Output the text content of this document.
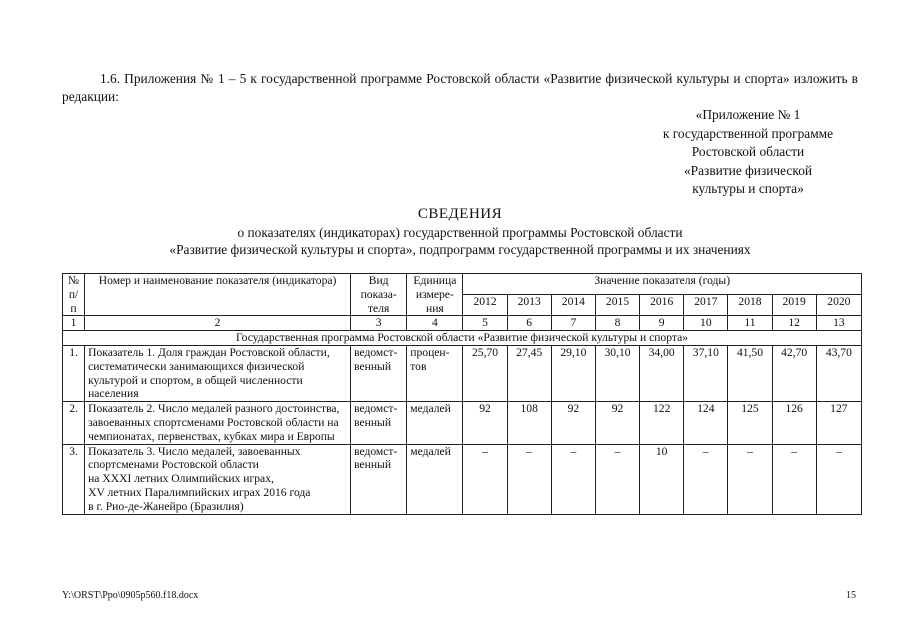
1.6. Приложения № 1 – 5 к государственной программе Ростовской области «Развитие физической культуры и спорта» изложить в редакции:
«Приложение № 1
к государственной программе
Ростовской области
«Развитие физической
культуры и спорта»
СВЕДЕНИЯ
о показателях (индикаторах) государственной программы Ростовской области
«Развитие физической культуры и спорта», подпрограмм государственной программы и их значениях
№ п/п	Номер и наименование показателя (индикатора)	Вид показа-теля	Единица измере-ния	Значение показателя (годы)								
				2012	2013	2014	2015	2016	2017	2018	2019	2020
1	2	3	4	5	6	7	8	9	10	11	12	13
Государственная программа Ростовской области «Развитие физической культуры и спорта»												
1.	Показатель 1. Доля граждан Ростовской области, систематически занимающихся физической культурой и спортом, в общей численности населения	ведомст-венный	процен-тов	25,70	27,45	29,10	30,10	34,00	37,10	41,50	42,70	43,70
2.	Показатель 2. Число медалей разного достоинства, завоеванных спортсменами Ростовской области на чемпионатах, первенствах, кубках мира и Европы	ведомст-венный	медалей	92	108	92	92	122	124	125	126	127
3.	Показатель 3. Число медалей, завоеванных спортсменами Ростовской области
на XXXI летних Олимпийских играх,
XV летних Паралимпийских играх 2016 года
в г. Рио-де-Жанейро (Бразилия)	ведомст-венный	медалей	–	–	–	–	10	–	–	–	–
Y:\ORST\Ppo\0905p560.f18.docx	15
